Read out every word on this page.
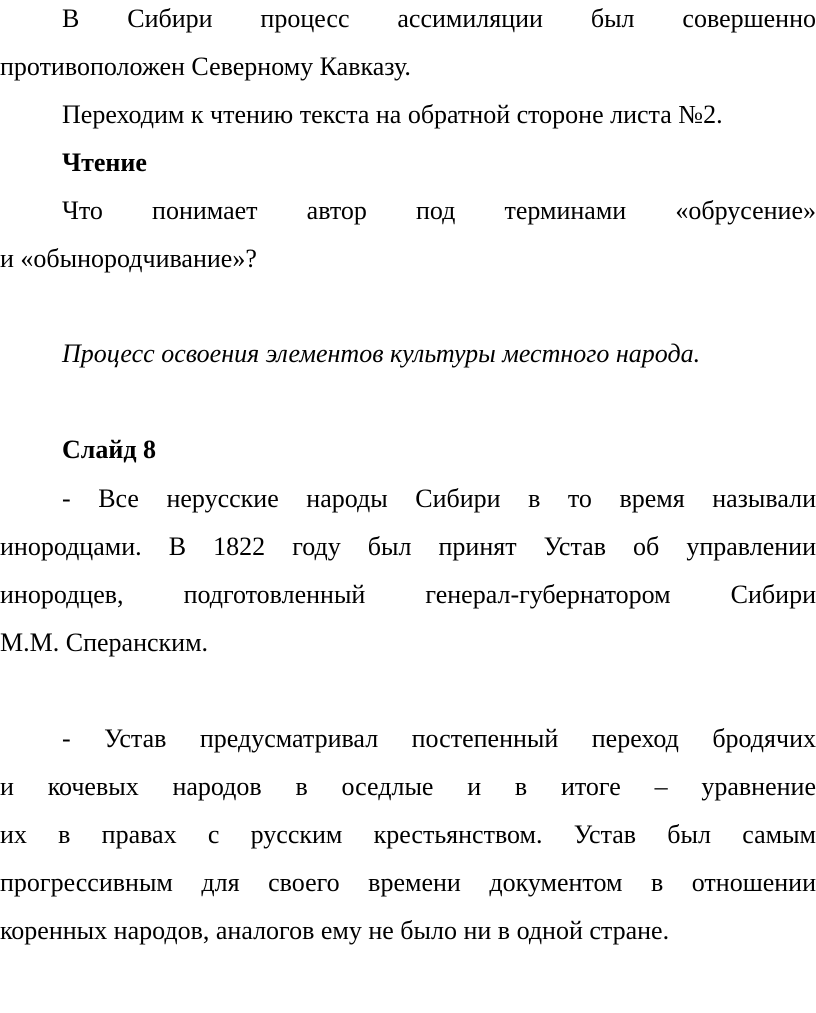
В Сибири процесс ассимиляции был совершенно
противоположен Северному Кавказу.
Переходим к чтению текста на обратной стороне листа №2.
Чтение
Что понимает автор под терминами «обрусение»
и «обынородчивание»?
Процесс освоения элементов культуры местного народа.
Слайд 8
- Все нерусские народы Сибири в то время называли
инородцами. В 1822 году был принят Устав об управлении
инородцев, подготовленный генерал-губернатором Сибири
М.М. Сперанским.
- Устав предусматривал постепенный переход бродячих
и кочевых народов в оседлые и в итоге – уравнение
их в правах с русским крестьянством. Устав был самым
прогрессивным для своего времени документом в отношении
коренных народов, аналогов ему не было ни в одной стране.
